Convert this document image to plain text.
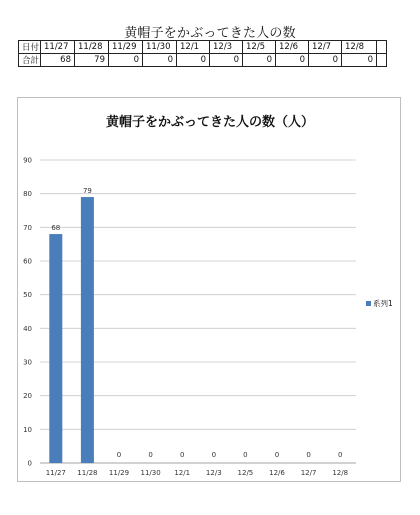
黄帽子をかぶってきた人の数
日付	11/27	11/28	11/29	11/30	12/1	12/3	12/5	12/6	12/7	12/8	
合計	68	79	0	0	0	0	0	0	0	0	
黄帽子をかぶってきた人の数（人）
0
10
20
30
40
50
60
70
80
90
68
11/27
79
11/28
0
11/29
0
11/30
0
12/1
0
12/3
0
12/5
0
12/6
0
12/7
0
12/8
系列1
